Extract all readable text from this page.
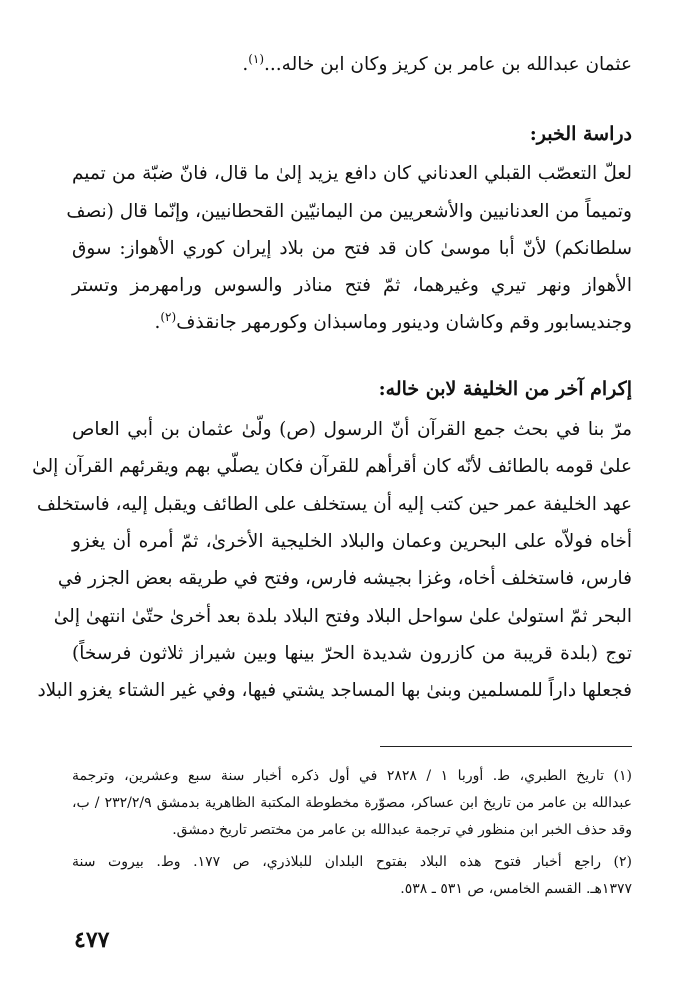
عثمان عبدالله بن عامر بن كريز وكان ابن خاله...$^{(١)}$.
دراسة الخبر:
لعلّ التعصّب القبلي العدناني كان دافع يزيد إلىٰ ما قال، فانّ ضبّة من تميم
وتميماً من العدنانيين والأشعريين من اليمانيّين القحطانيين، وإنّما قال (نصف
سلطانكم) لأنّ أبا موسىٰ كان قد فتح من بلاد إيران كوري الأهواز: سوق
الأهواز ونهر تيري وغيرهما، ثمّ فتح مناذر والسوس ورامهرمز وتستر
وجنديسابور وقم وكاشان ودينور وماسبذان وكورمهر جانقذف$^{(٢)}$.
إكرام آخر من الخليفة لابن خاله:
مرّ بنا في بحث جمع القرآن أنّ الرسول (ص) ولّىٰ عثمان بن أبي العاص
علىٰ قومه بالطائف لأنّه كان أقرأهم للقرآن فكان يصلّي بهم ويقرئهم القرآن إلىٰ
عهد الخليفة عمر حين كتب إليه أن يستخلف على الطائف ويقبل إليه، فاستخلف
أخاه فولاّه على البحرين وعمان والبلاد الخليجية الأخرىٰ، ثمّ أمره أن يغزو
فارس، فاستخلف أخاه، وغزا بجيشه فارس، وفتح في طريقه بعض الجزر في
البحر ثمّ استولىٰ علىٰ سواحل البلاد وفتح البلاد بلدة بعد أخرىٰ حتّىٰ انتهىٰ إلىٰ
توج (بلدة قريبة من كازرون شديدة الحرّ بينها وبين شيراز ثلاثون فرسخاً)
فجعلها داراً للمسلمين وبنىٰ بها المساجد يشتي فيها، وفي غير الشتاء يغزو البلاد
(١) تاريخ الطبري، ط. أوربا ١ / ٢٨٢٨ في أول ذكره أخبار سنة سبع وعشرين، وترجمة
عبدالله بن عامر من تاريخ ابن عساكر، مصوّرة مخطوطة المكتبة الظاهرية بدمشق ٢٣٢/٢/٩ / ب،
وقد حذف الخبر ابن منظور في ترجمة عبدالله بن عامر من مختصر تاريخ دمشق.
(٢) راجع أخبار فتوح هذه البلاد بفتوح البلدان للبلاذري، ص ١٧٧. وط. بيروت سنة
١٣٧٧هـ. القسم الخامس، ص ٥٣١ ـ ٥٣٨.
٤٧٧
